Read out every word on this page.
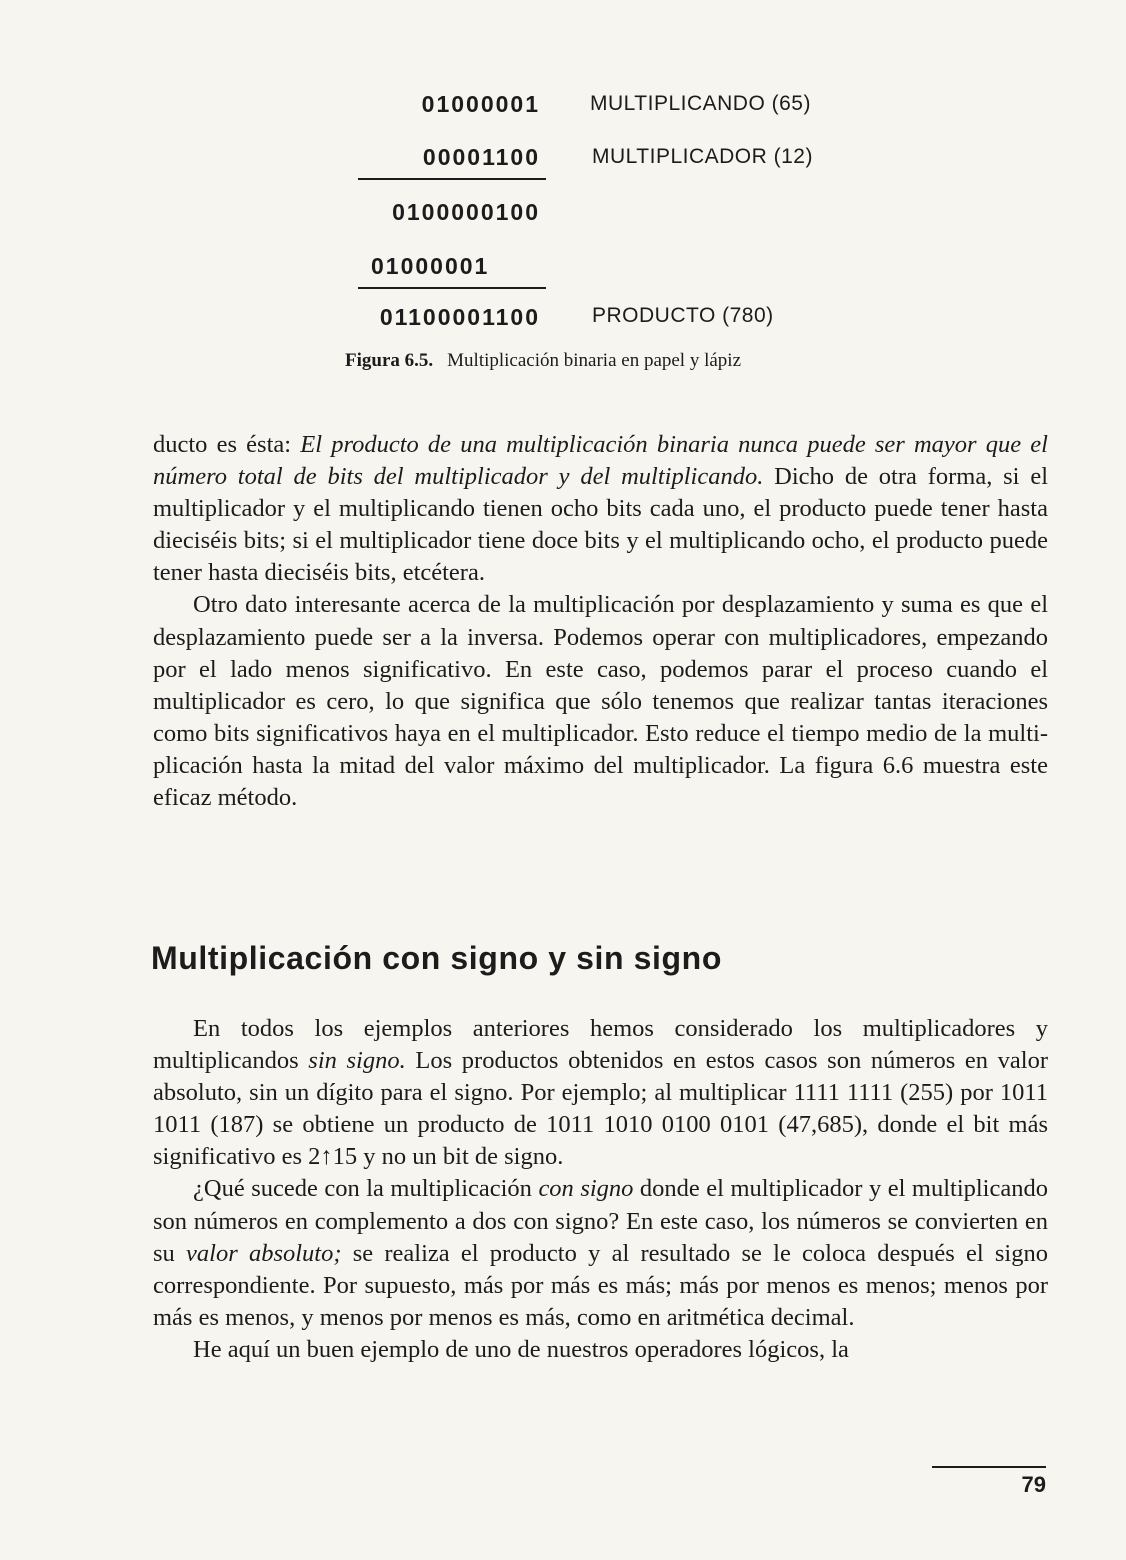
01000001 MULTIPLICANDO (65)
00001100 MULTIPLICADOR (12)
0100000100
01000001
01100001100 PRODUCTO (780)
Figura 6.5. Multiplicación binaria en papel y lápiz

ducto es ésta: El producto de una multiplicación binaria nunca puede ser mayor que el número total de bits del multiplicador y del multiplicando. Dicho de otra forma, si el multiplicador y el multiplicando tienen ocho bits cada uno, el producto puede tener hasta dieciséis bits; si el multiplicador tiene doce bits y el multiplicando ocho, el producto puede tener hasta dieciséis bits, etcétera.

Otro dato interesante acerca de la multiplicación por desplazamiento y suma es que el desplazamiento puede ser a la inversa. Podemos operar con multiplicadores, empezando por el lado menos significativo. En este caso, podemos parar el proceso cuando el multiplicador es cero, lo que significa que sólo tenemos que realizar tantas iteraciones como bits significativos haya en el multiplicador. Esto reduce el tiempo medio de la multiplicación hasta la mitad del valor máximo del multiplicador. La figura 6.6 muestra este eficaz método.

Multiplicación con signo y sin signo

En todos los ejemplos anteriores hemos considerado los multiplicadores y multiplicandos sin signo. Los productos obtenidos en estos casos son números en valor absoluto, sin un dígito para el signo. Por ejemplo; al multiplicar 1111 1111 (255) por 1011 1011 (187) se obtiene un producto de 1011 1010 0100 0101 (47,685), donde el bit más significativo es 2↑15 y no un bit de signo.

¿Qué sucede con la multiplicación con signo donde el multiplicador y el multiplicando son números en complemento a dos con signo? En este caso, los números se convierten en su valor absoluto; se realiza el producto y al resultado se le coloca después el signo correspondiente. Por supuesto, más por más es más; más por menos es menos; menos por más es menos, y menos por menos es más, como en aritmética decimal.

He aquí un buen ejemplo de uno de nuestros operadores lógicos, la

79
